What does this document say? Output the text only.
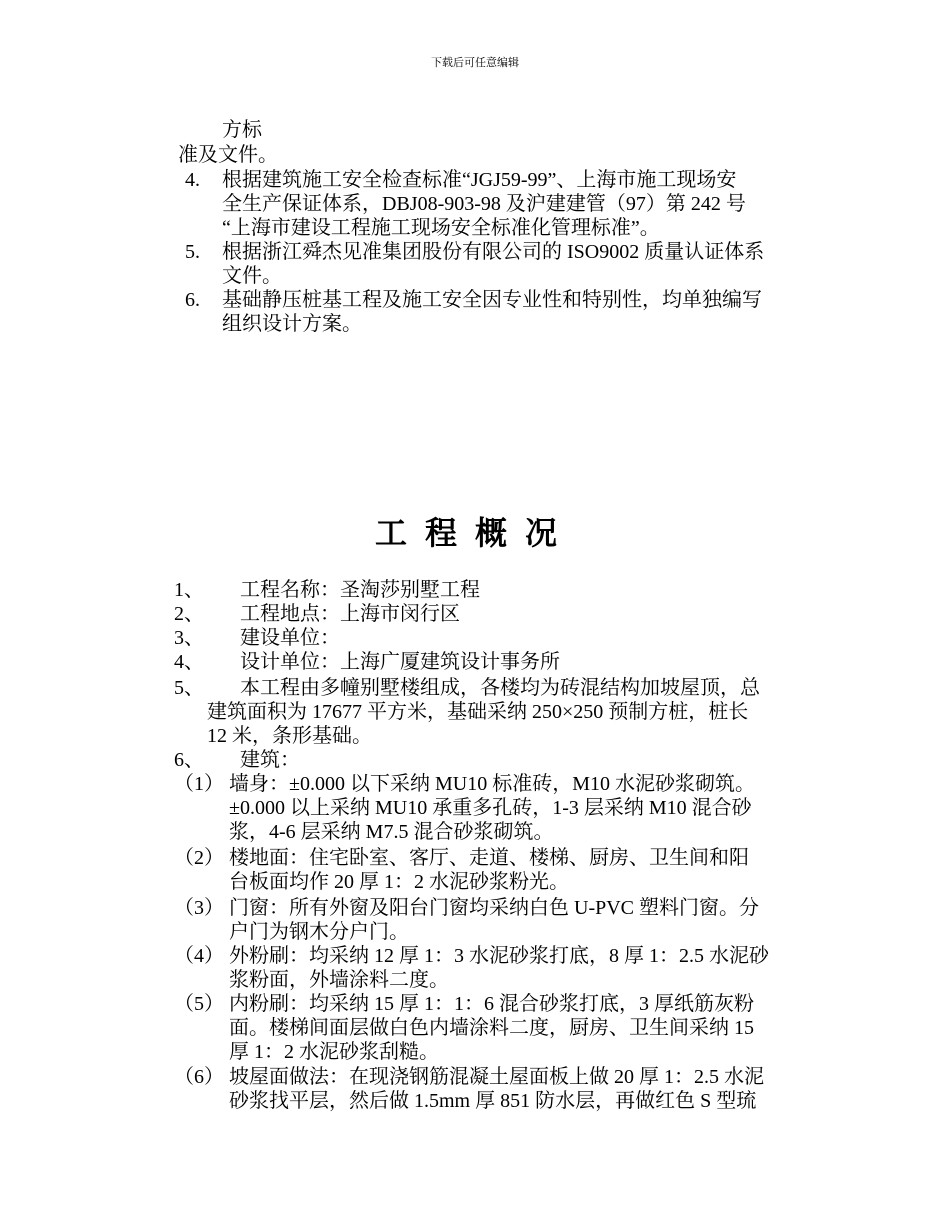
下载后可任意编辑
方标
准及文件。
4. 根据建筑施工安全检查标准“JGJ59-99”、上海市施工现场安
全生产保证体系，DBJ08-903-98 及沪建建管（97）第 242 号
“上海市建设工程施工现场安全标准化管理标准”。
5. 根据浙江舜杰见准集团股份有限公司的 ISO9002 质量认证体系
文件。
6. 基础静压桩基工程及施工安全因专业性和特别性，均单独编写
组织设计方案。
工程概况
1、 工程名称：圣淘莎别墅工程
2、 工程地点：上海市闵行区
3、 建设单位：
4、 设计单位：上海广厦建筑设计事务所
5、 本工程由多幢别墅楼组成，各楼均为砖混结构加坡屋顶，总
建筑面积为 17677 平方米，基础采纳 250×250 预制方桩，桩长
12 米，条形基础。
6、 建筑：
（1） 墙身：±0.000 以下采纳 MU10 标准砖，M10 水泥砂浆砌筑。
±0.000 以上采纳 MU10 承重多孔砖，1-3 层采纳 M10 混合砂
浆，4-6 层采纳 M7.5 混合砂浆砌筑。
（2） 楼地面：住宅卧室、客厅、走道、楼梯、厨房、卫生间和阳
台板面均作 20 厚 1：2 水泥砂浆粉光。
（3） 门窗：所有外窗及阳台门窗均采纳白色 U-PVC 塑料门窗。分
户门为钢木分户门。
（4） 外粉刷：均采纳 12 厚 1：3 水泥砂浆打底，8 厚 1：2.5 水泥砂
浆粉面，外墙涂料二度。
（5） 内粉刷：均采纳 15 厚 1：1：6 混合砂浆打底，3 厚纸筋灰粉
面。楼梯间面层做白色内墙涂料二度，厨房、卫生间采纳 15
厚 1：2 水泥砂浆刮糙。
（6） 坡屋面做法：在现浇钢筋混凝土屋面板上做 20 厚 1：2.5 水泥
砂浆找平层，然后做 1.5mm 厚 851 防水层，再做红色 S 型琉
